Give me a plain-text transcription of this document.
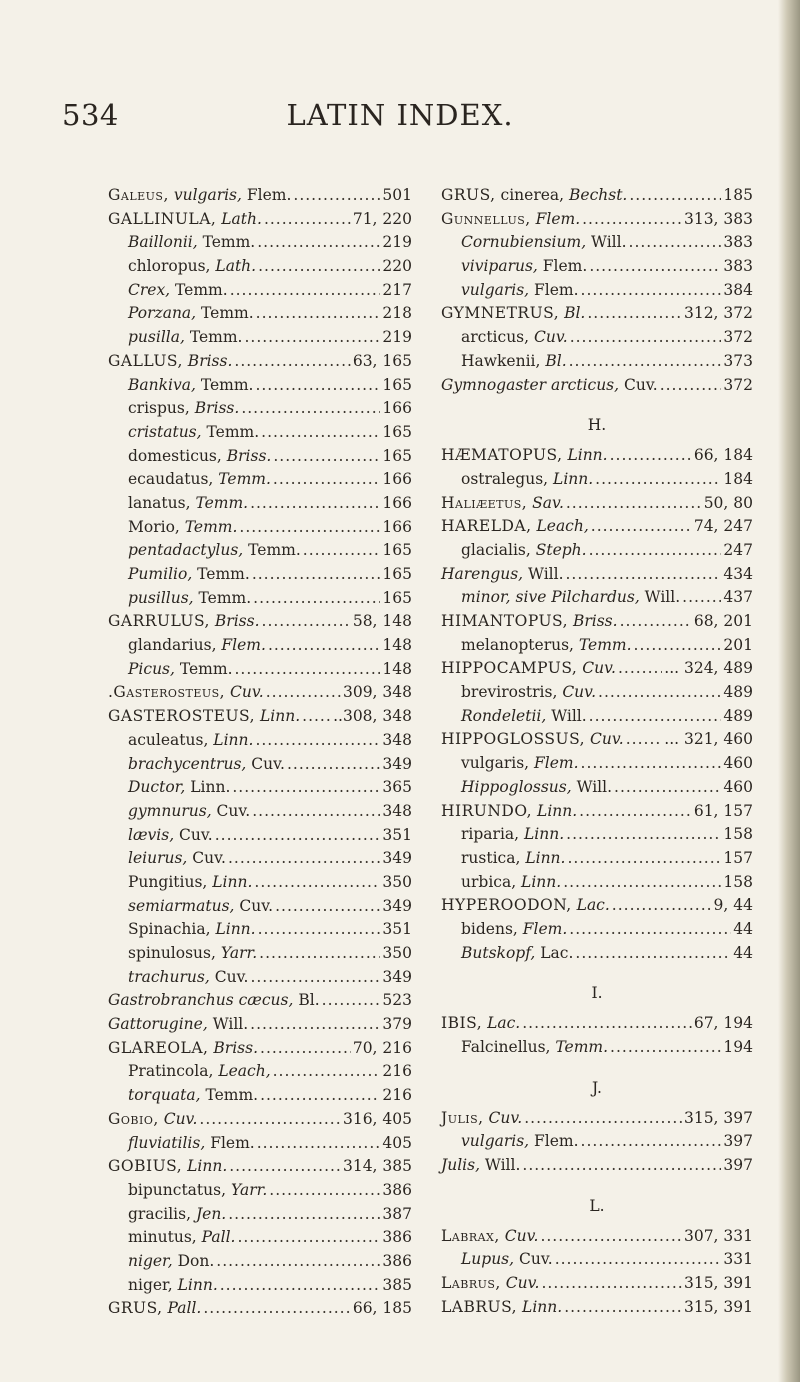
534	LATIN INDEX.
Galeus, vulgaris, Flem. .....	501
GALLINULA, Lath. .....	71, 220
Baillonii, Temm. .....	219
chloropus, Lath. .....	220
Crex, Temm. .....	217
Porzana, Temm. .....	218
pusilla, Temm. .....	219
GALLUS, Briss. .....	63, 165
Bankiva, Temm. .....	165
crispus, Briss. .....	166
cristatus, Temm. .....	165
domesticus, Briss. .....	165
ecaudatus, Temm. .....	166
lanatus, Temm. .....	166
Morio, Temm. .....	166
pentadactylus, Temm. .....	165
Pumilio, Temm. .....	165
pusillus, Temm. .....	165
GARRULUS, Briss. .....	58, 148
glandarius, Flem. .....	148
Picus, Temm. .....	148
.Gasterosteus, Cuv. .....	309, 348
GASTEROSTEUS, Linn. ..... ..308, 348
aculeatus, Linn. .....	348
brachycentrus, Cuv. .....	349
Ductor, Linn. .....	365
gymnurus, Cuv. .....	348
lævis, Cuv. .....	351
leiurus, Cuv. .....	349
Pungitius, Linn. .....	350
semiarmatus, Cuv. .....	349
Spinachia, Linn. .....	351
spinulosus, Yarr. .....	350
trachurus, Cuv. .....	349
Gastrobranchus cæcus, Bl. .....	523
Gattorugine, Will. .....	379
GLAREOLA, Briss. .....	70, 216
Pratincola, Leach, .....	216
torquata, Temm. .....	216
Gobio, Cuv. .....	316, 405
fluviatilis, Flem. .....	405
GOBIUS, Linn. .....	314, 385
bipunctatus, Yarr. .....	386
gracilis, Jen. .....	387
minutus, Pall. .....	386
niger, Don. .....	386
niger, Linn. .....	385
GRUS, Pall. .....	66, 185
GRUS, cinerea, Bechst. .....	185
Gunnellus, Flem. .....	313, 383
Cornubiensium, Will. .....	383
viviparus, Flem. .....	383
vulgaris, Flem. .....	384
GYMNETRUS, Bl. .....	312, 372
arcticus, Cuv. .....	372
Hawkenii, Bl. .....	373
Gymnogaster arcticus, Cuv. .....	372
H.
HÆMATOPUS, Linn. .....	66, 184
ostralegus, Linn. .....	184
Haliæetus, Sav. .....	50, 80
HARELDA, Leach, .....	74, 247
glacialis, Steph. .....	247
Harengus, Will. .....	434
minor, sive Pilchardus, Will. .....	437
HIMANTOPUS, Briss. .....	68, 201
melanopterus, Temm. .....	201
HIPPOCAMPUS, Cuv. .....	... 324, 489
brevirostris, Cuv. .....	489
Rondeletii, Will. .....	489
HIPPOGLOSSUS, Cuv. .....	... 321, 460
vulgaris, Flem. .....	460
Hippoglossus, Will. .....	460
HIRUNDO, Linn. .....	61, 157
riparia, Linn. .....	158
rustica, Linn. .....	157
urbica, Linn. .....	158
HYPEROODON, Lac. .....	9, 44
bidens, Flem. .....	44
Butskopf, Lac. .....	44
I.
IBIS, Lac. .....	67, 194
Falcinellus, Temm. .....	194
J.
Julis, Cuv. .....	315, 397
vulgaris, Flem. .....	397
Julis, Will. .....	397
L.
Labrax, Cuv. .....	307, 331
Lupus, Cuv. .....	331
Labrus, Cuv. .....	315, 391
LABRUS, Linn. .....	315, 391
